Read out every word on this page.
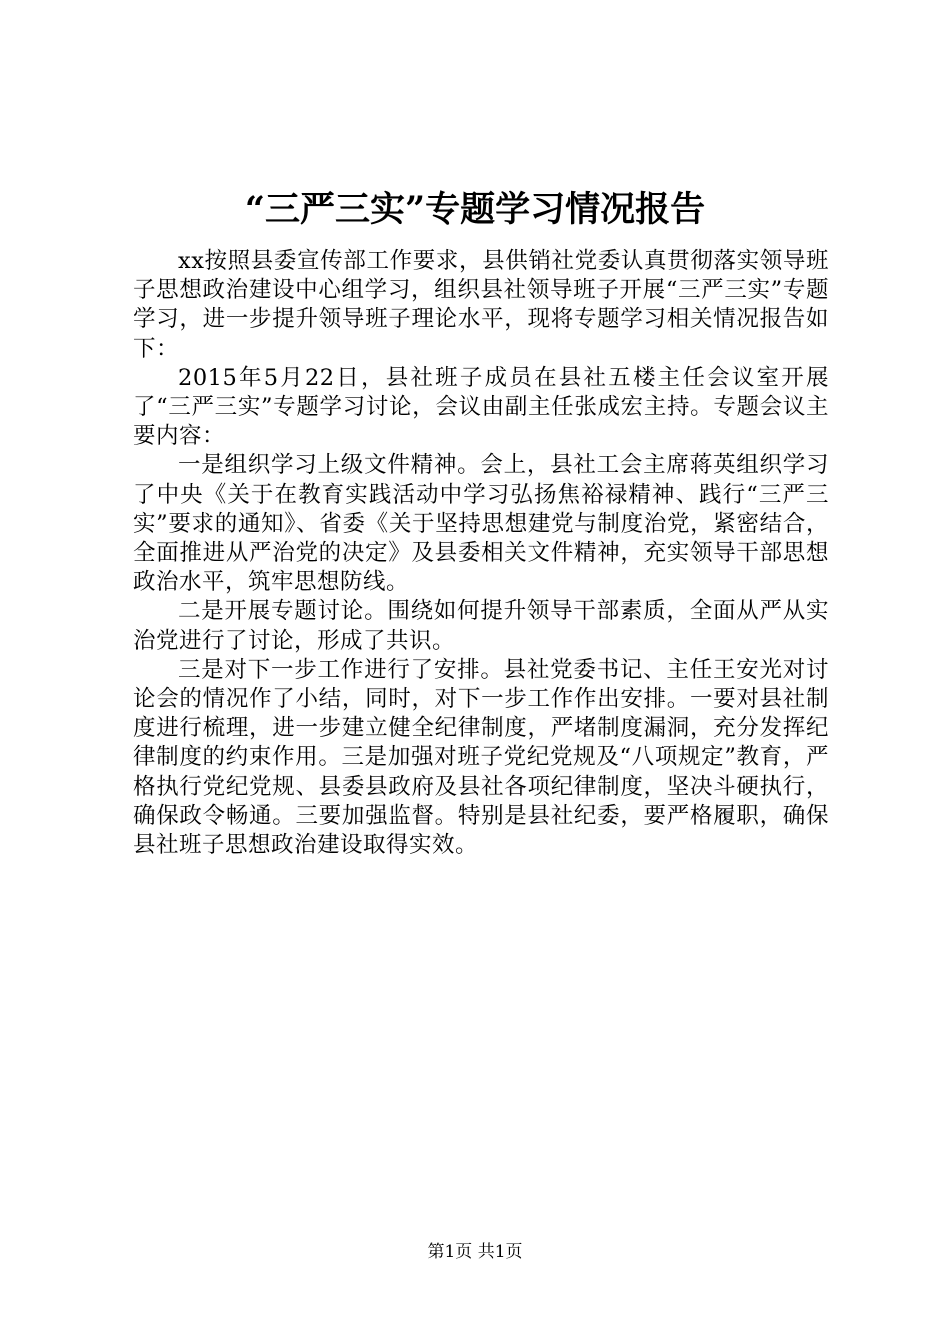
“三严三实”专题学习情况报告

xx按照县委宣传部工作要求，县供销社党委认真贯彻落实领导班子思想政治建设中心组学习，组织县社领导班子开展“三严三实”专题学习，进一步提升领导班子理论水平，现将专题学习相关情况报告如下：

2015年5月22日，县社班子成员在县社五楼主任会议室开展了“三严三实”专题学习讨论，会议由副主任张成宏主持。专题会议主要内容：

一是组织学习上级文件精神。会上，县社工会主席蒋英组织学习了中央《关于在教育实践活动中学习弘扬焦裕禄精神、践行“三严三实”要求的通知》、省委《关于坚持思想建党与制度治党，紧密结合，全面推进从严治党的决定》及县委相关文件精神，充实领导干部思想政治水平，筑牢思想防线。

二是开展专题讨论。围绕如何提升领导干部素质，全面从严从实治党进行了讨论，形成了共识。

三是对下一步工作进行了安排。县社党委书记、主任王安光对讨论会的情况作了小结，同时，对下一步工作作出安排。一要对县社制度进行梳理，进一步建立健全纪律制度，严堵制度漏洞，充分发挥纪律制度的约束作用。三是加强对班子党纪党规及“八项规定”教育，严格执行党纪党规、县委县政府及县社各项纪律制度，坚决斗硬执行，确保政令畅通。三要加强监督。特别是县社纪委，要严格履职，确保县社班子思想政治建设取得实效。

第1页 共1页
